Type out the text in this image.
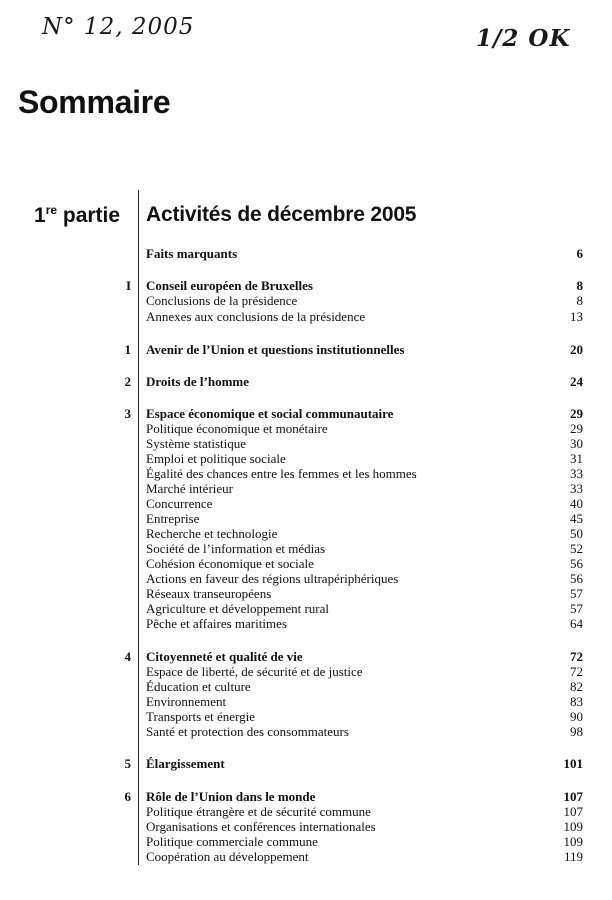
N° 12, 2005	1/2 OK
Sommaire
1re partie Activités de décembre 2005
Faits marquants	6
I Conseil européen de Bruxelles	8
Conclusions de la présidence	8
Annexes aux conclusions de la présidence	13
1 Avenir de l’Union et questions institutionnelles	20
2 Droits de l’homme	24
3 Espace économique et social communautaire	29
Politique économique et monétaire	29
Système statistique	30
Emploi et politique sociale	31
Égalité des chances entre les femmes et les hommes	33
Marché intérieur	33
Concurrence	40
Entreprise	45
Recherche et technologie	50
Société de l’information et médias	52
Cohésion économique et sociale	56
Actions en faveur des régions ultrapériphériques	56
Réseaux transeuropéens	57
Agriculture et développement rural	57
Pêche et affaires maritimes	64
4 Citoyenneté et qualité de vie	72
Espace de liberté, de sécurité et de justice	72
Éducation et culture	82
Environnement	83
Transports et énergie	90
Santé et protection des consommateurs	98
5 Élargissement	101
6 Rôle de l’Union dans le monde	107
Politique étrangère et de sécurité commune	107
Organisations et conférences internationales	109
Politique commerciale commune	109
Coopération au développement	119
